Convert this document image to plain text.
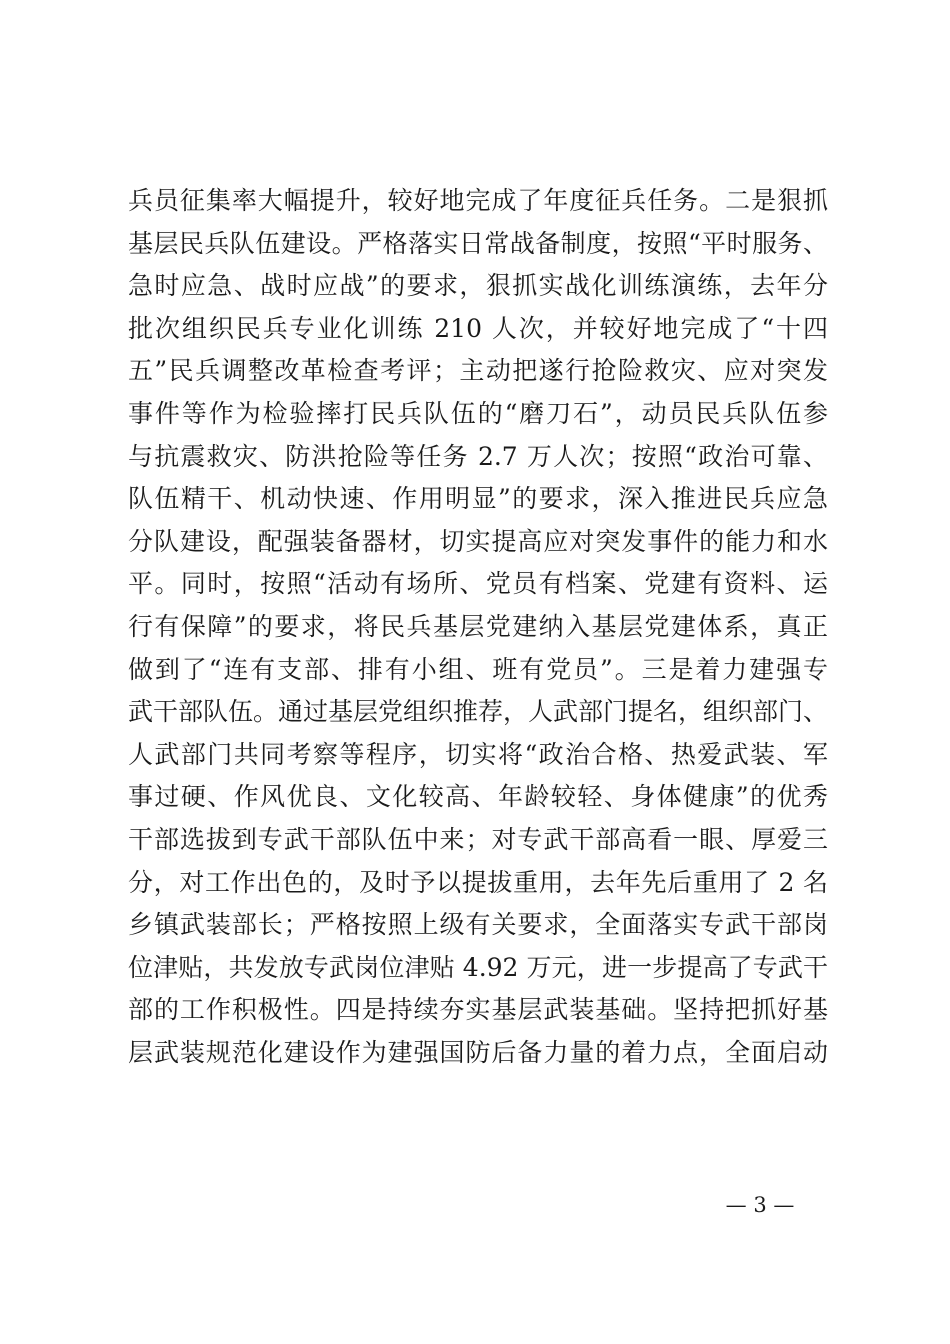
兵员征集率大幅提升，较好地完成了年度征兵任务。二是狠抓
基层民兵队伍建设。严格落实日常战备制度，按照“平时服务、
急时应急、战时应战”的要求，狠抓实战化训练演练，去年分
批次组织民兵专业化训练 210 人次，并较好地完成了“十四
五”民兵调整改革检查考评；主动把遂行抢险救灾、应对突发
事件等作为检验摔打民兵队伍的“磨刀石”，动员民兵队伍参
与抗震救灾、防洪抢险等任务 2.7 万人次；按照“政治可靠、
队伍精干、机动快速、作用明显”的要求，深入推进民兵应急
分队建设，配强装备器材，切实提高应对突发事件的能力和水
平。同时，按照“活动有场所、党员有档案、党建有资料、运
行有保障”的要求，将民兵基层党建纳入基层党建体系，真正
做到了“连有支部、排有小组、班有党员”。三是着力建强专
武干部队伍。通过基层党组织推荐，人武部门提名，组织部门、
人武部门共同考察等程序，切实将“政治合格、热爱武装、军
事过硬、作风优良、文化较高、年龄较轻、身体健康”的优秀
干部选拔到专武干部队伍中来；对专武干部高看一眼、厚爱三
分，对工作出色的，及时予以提拔重用，去年先后重用了 2 名
乡镇武装部长；严格按照上级有关要求，全面落实专武干部岗
位津贴，共发放专武岗位津贴 4.92 万元，进一步提高了专武干
部的工作积极性。四是持续夯实基层武装基础。坚持把抓好基
层武装规范化建设作为建强国防后备力量的着力点，全面启动
— 3 —
